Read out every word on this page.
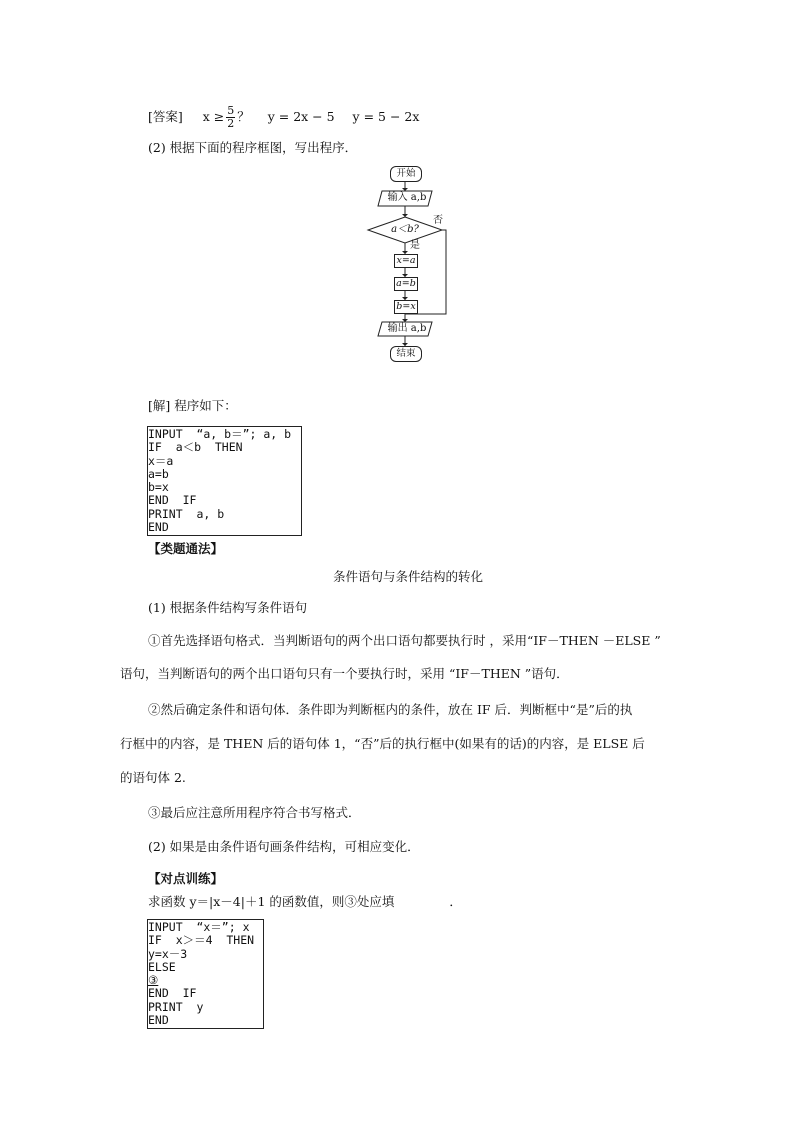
[答案] $x \ge \frac{5}{2}$ ？ y = 2x − 5 y = 5 − 2x
(2) 根据下面的程序框图，写出程序．
开始
输入 a,b
a＜b?
否
是
x=a
a=b
b=x
输出 a,b
结束
[解] 程序如下：
INPUT  “a, b＝”; a, b
IF  a＜b  THEN
x＝a
a=b
b=x
END  IF
PRINT  a, b
END
【类题通法】
条件语句与条件结构的转化
(1) 根据条件结构写条件语句
①首先选择语句格式．当判断语句的两个出口语句都要执行时 ，采用“IF－THEN －ELSE ”
语句，当判断语句的两个出口语句只有一个要执行时，采用 “IF－THEN ”语句．
②然后确定条件和语句体．条件即为判断框内的条件，放在 IF 后．判断框中“是”后的执
行框中的内容，是 THEN 后的语句体 1，“否”后的执行框中(如果有的话)的内容，是 ELSE 后
的语句体 2.
③最后应注意所用程序符合书写格式．
(2) 如果是由条件语句画条件结构，可相应变化．
【对点训练】
求函数 y＝|x－4|＋1 的函数值，则③处应填	．
INPUT  “x＝”; x
IF  x＞＝4  THEN
y=x－3
ELSE
③
END  IF
PRINT  y
END
